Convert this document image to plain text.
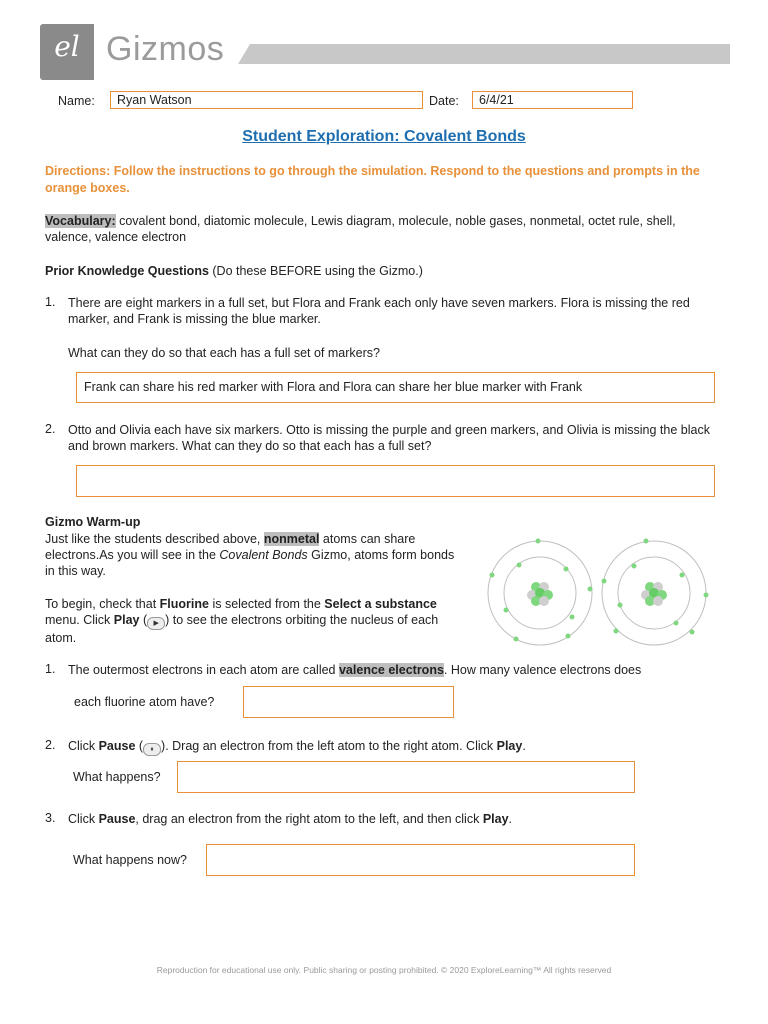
el Gizmos
Name:	Ryan Watson	Date:	6/4/21
Student Exploration: Covalent Bonds
Directions: Follow the instructions to go through the simulation. Respond to the questions and prompts in the orange boxes.
Vocabulary: covalent bond, diatomic molecule, Lewis diagram, molecule, noble gases, nonmetal, octet rule, shell, valence, valence electron
Prior Knowledge Questions (Do these BEFORE using the Gizmo.)
1. There are eight markers in a full set, but Flora and Frank each only have seven markers. Flora is missing the red marker, and Frank is missing the blue marker.
What can they do so that each has a full set of markers?
Frank can share his red marker with Flora and Flora can share her blue marker with Frank
2. Otto and Olivia each have six markers. Otto is missing the purple and green markers, and Olivia is missing the black and brown markers. What can they do so that each has a full set?
Gizmo Warm-up
Just like the students described above, nonmetal atoms can share electrons.As you will see in the Covalent Bonds Gizmo, atoms form bonds in this way.
To begin, check that Fluorine is selected from the Select a substance menu. Click Play ( ▶ ) to see the electrons orbiting the nucleus of each atom.
1. The outermost electrons in each atom are called valence electrons. How many valence electrons does
each fluorine atom have?
2. Click Pause ( ⏸ ). Drag an electron from the left atom to the right atom. Click Play.
What happens?
3. Click Pause, drag an electron from the right atom to the left, and then click Play.
What happens now?
Reproduction for educational use only. Public sharing or posting prohibited. © 2020 ExploreLearning™ All rights reserved
